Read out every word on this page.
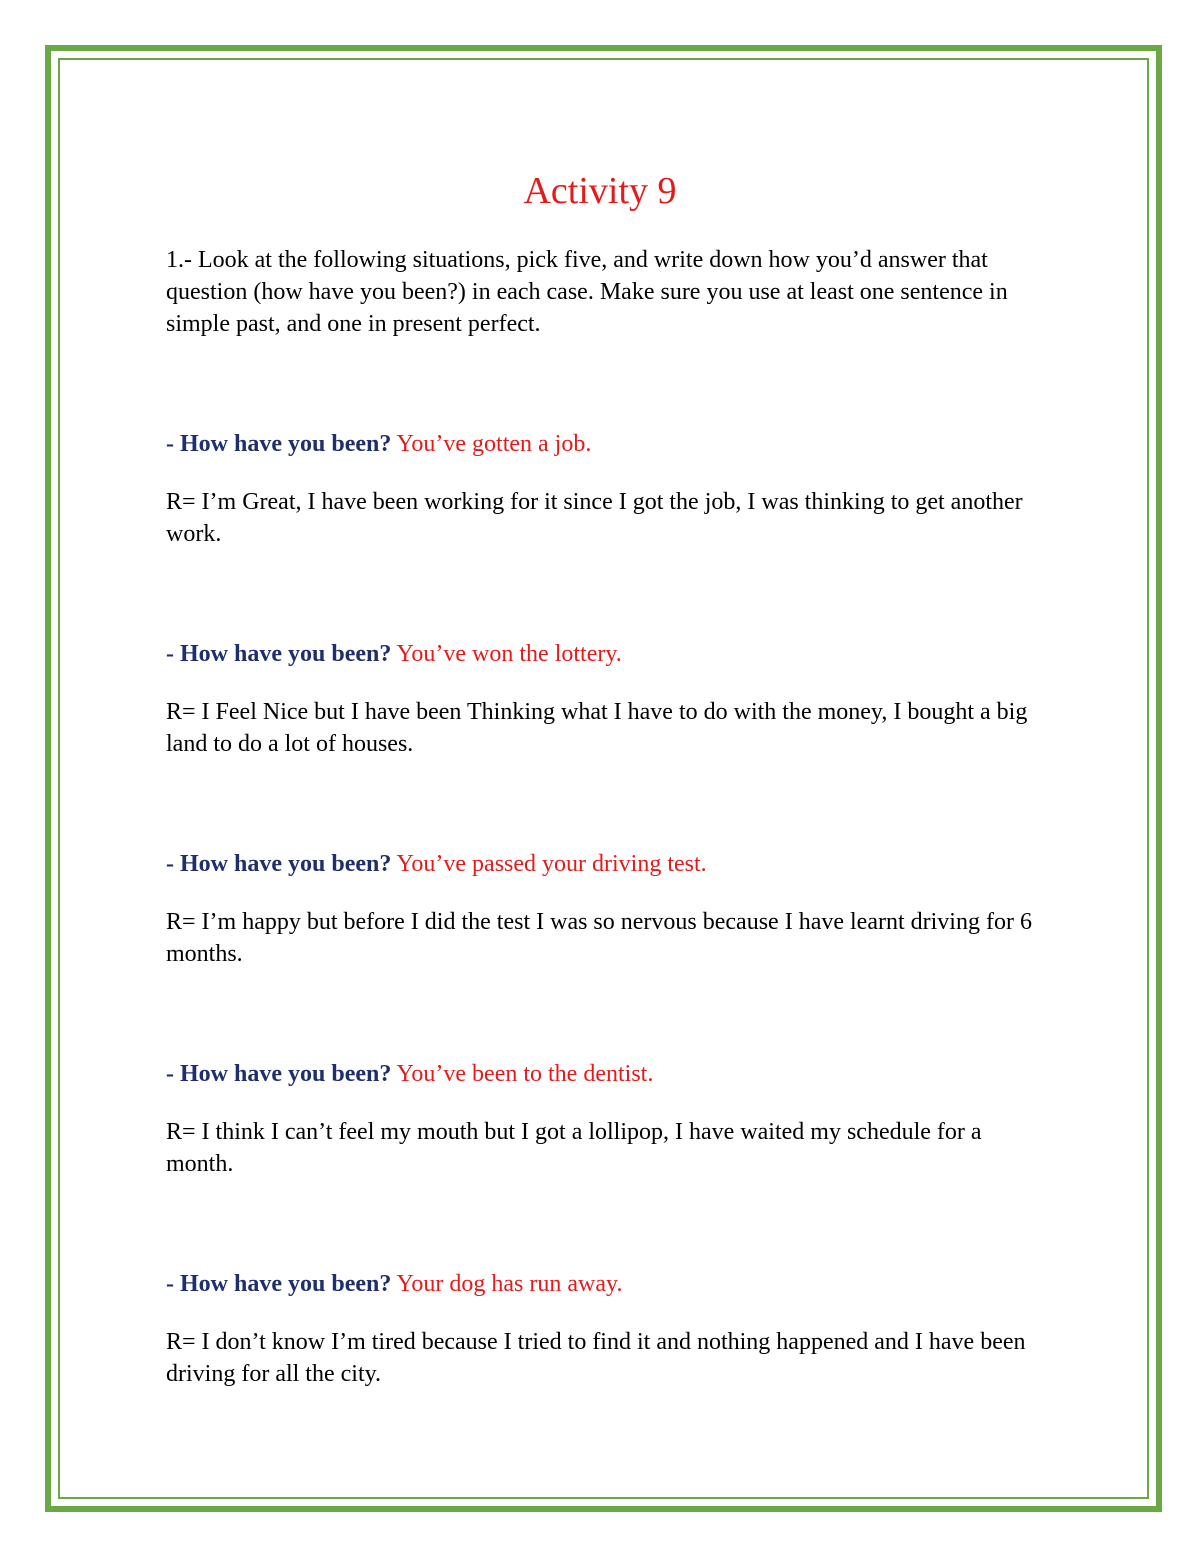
Activity 9

1.- Look at the following situations, pick five, and write down how you’d answer that question (how have you been?) in each case. Make sure you use at least one sentence in simple past, and one in present perfect.

- How have you been? You’ve gotten a job.

R= I’m Great, I have been working for it since I got the job, I was thinking to get another work.

- How have you been? You’ve won the lottery.

R= I Feel Nice but I have been Thinking what I have to do with the money, I bought a big land to do a lot of houses.

- How have you been? You’ve passed your driving test.

R= I’m happy but before I did the test I was so nervous because I have learnt driving for 6 months.

- How have you been? You’ve been to the dentist.

R= I think I can’t feel my mouth but I got a lollipop, I have waited my schedule for a month.

- How have you been? Your dog has run away.

R= I don’t know I’m tired because I tried to find it and nothing happened and I have been driving for all the city.
